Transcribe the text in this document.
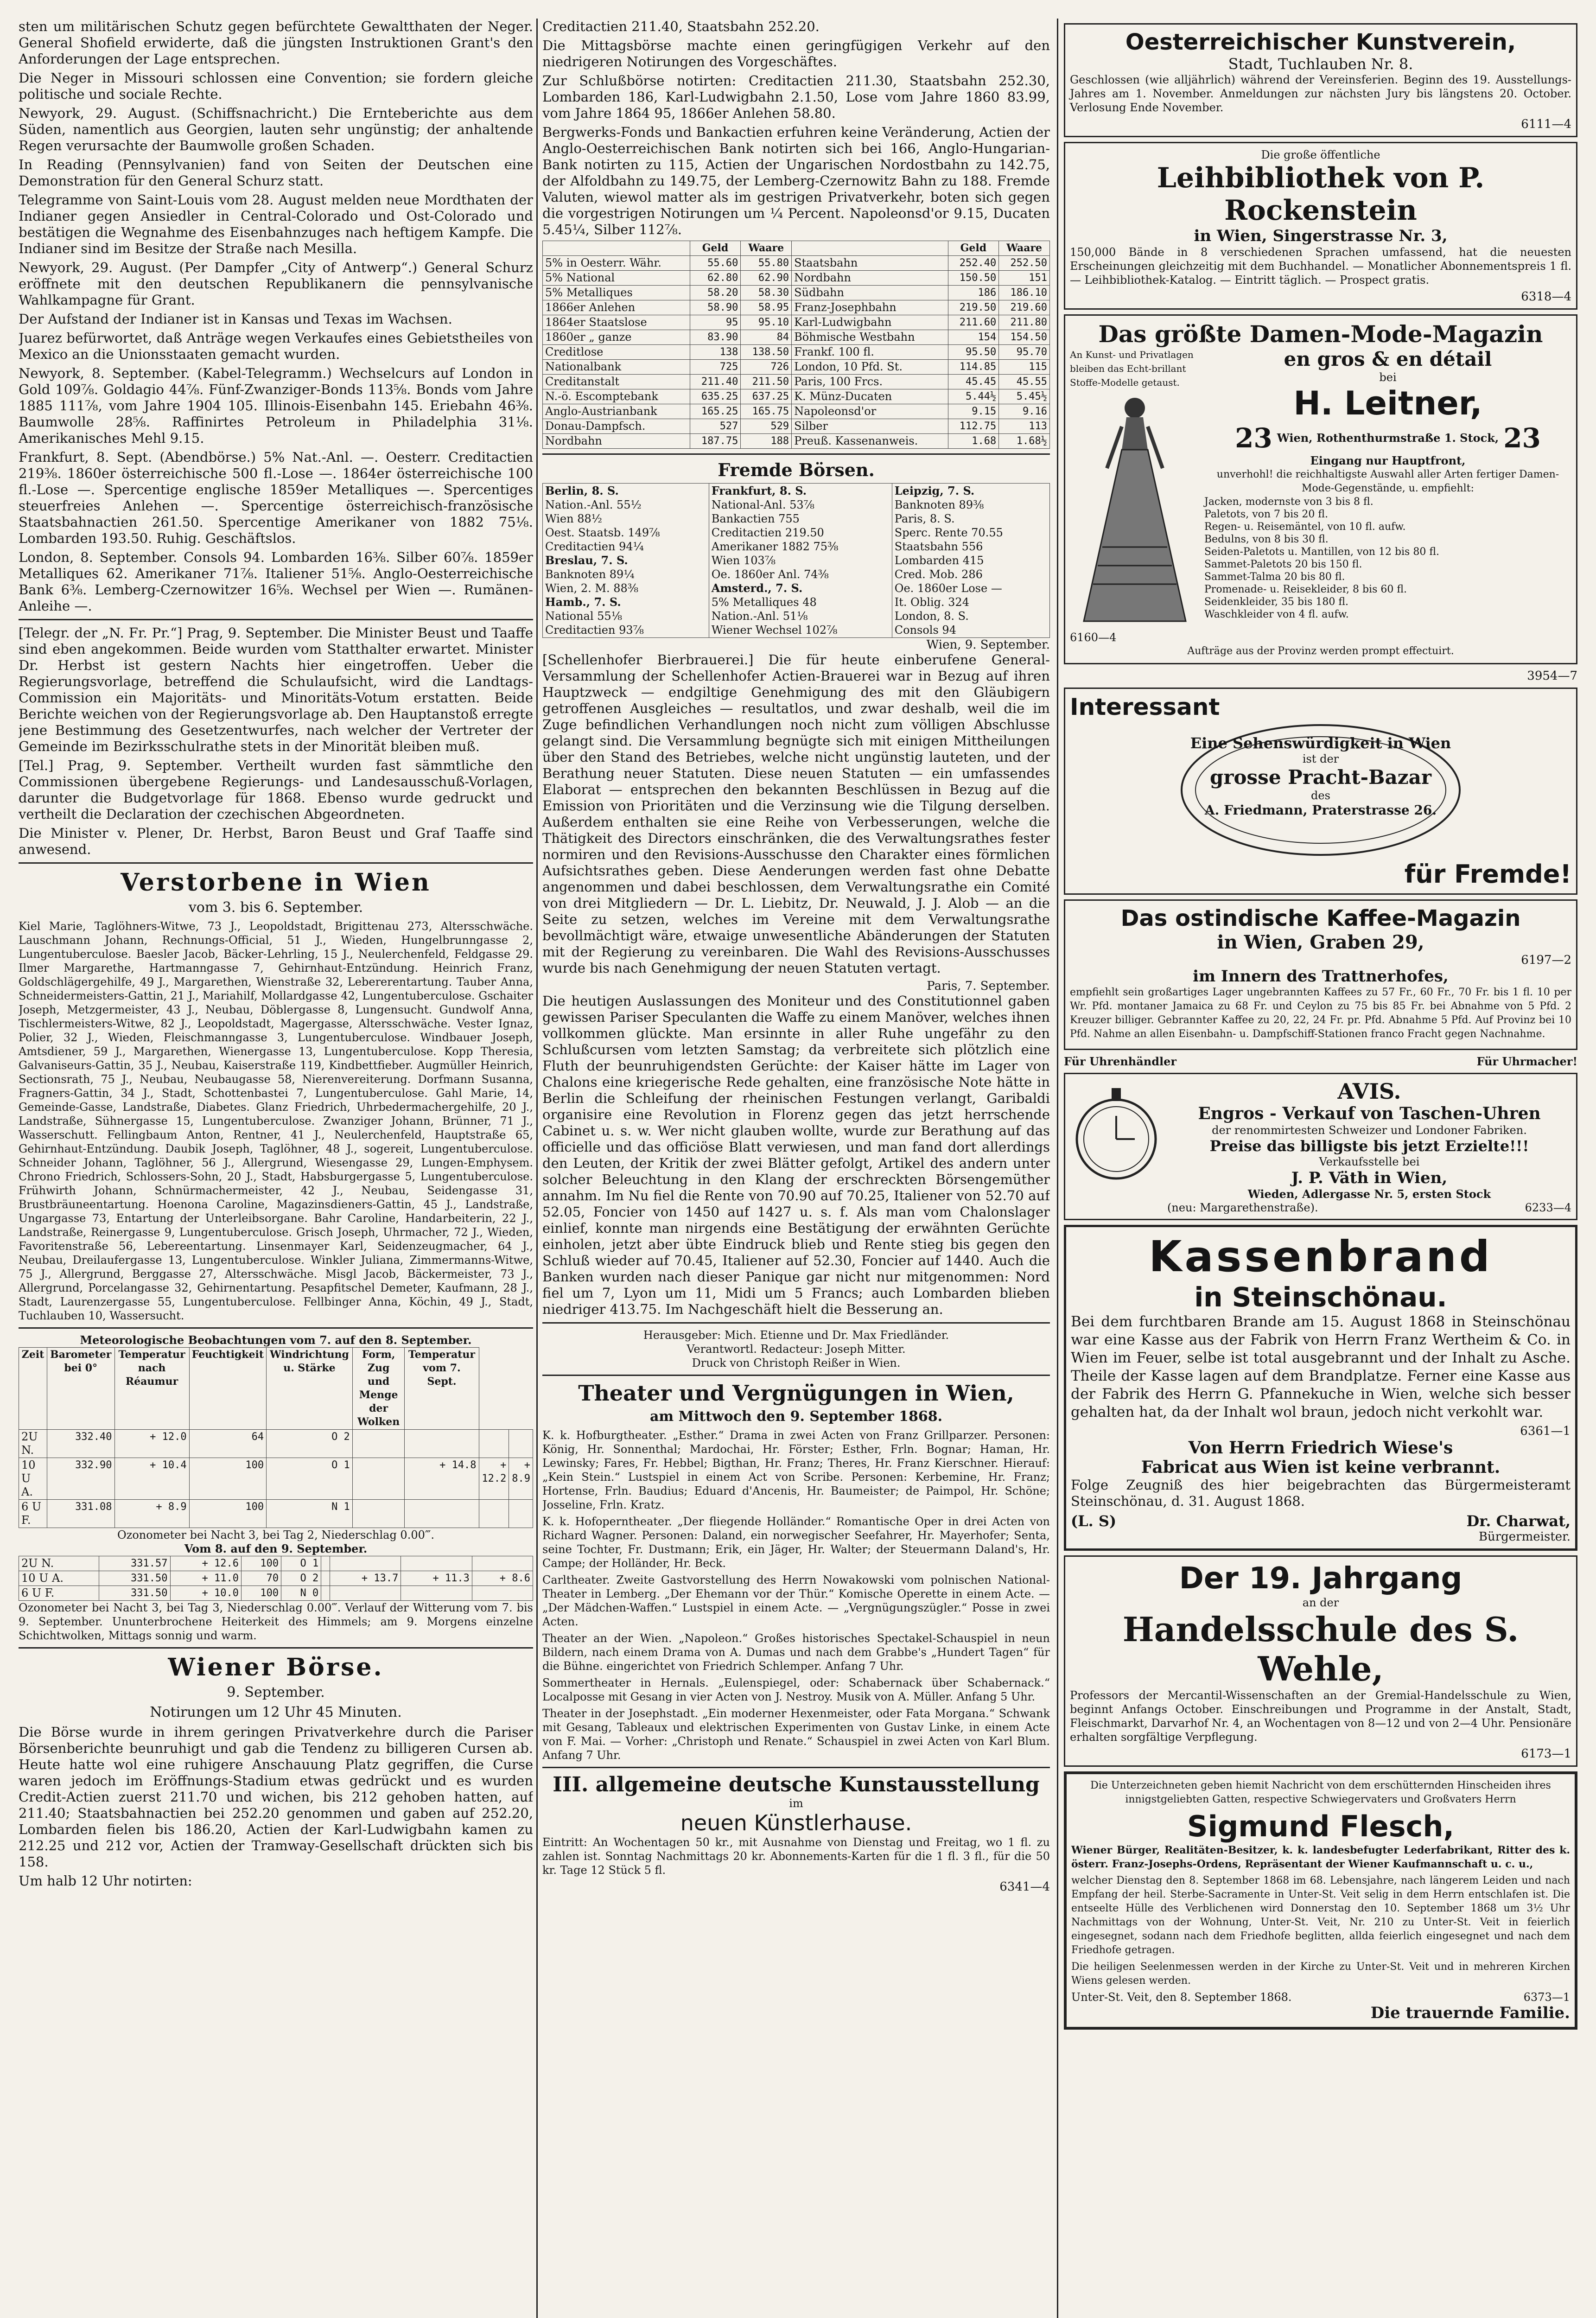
sten um militärischen Schutz gegen befürchtete Gewaltthaten der Neger. General Shofield erwiderte, daß die jüngsten Instruktionen Grant's den Anforderungen der Lage entsprechen.

Die Neger in Missouri schlossen eine Convention; sie fordern gleiche politische und sociale Rechte.

Newyork, 29. August. (Schiffsnachricht.) Die Ernteberichte aus dem Süden, namentlich aus Georgien, lauten sehr ungünstig; der anhaltende Regen verursachte der Baumwolle großen Schaden.

In Reading (Pennsylvanien) fand von Seiten der Deutschen eine Demonstration für den General Schurz statt.

Telegramme von Saint-Louis vom 28. August melden neue Mordthaten der Indianer gegen Ansiedler in Central-Colorado und Ost-Colorado und bestätigen die Wegnahme des Eisenbahnzuges nach heftigem Kampfe. Die Indianer sind im Besitze der Straße nach Mesilla.

Newyork, 29. August. (Per Dampfer „City of Antwerp“.) General Schurz eröffnete mit den deutschen Republikanern die pennsylvanische Wahlkampagne für Grant.

Der Aufstand der Indianer ist in Kansas und Texas im Wachsen.

Juarez befürwortet, daß Anträge wegen Verkaufes eines Gebietstheiles von Mexico an die Unionsstaaten gemacht wurden.

Newyork, 8. September. (Kabel-Telegramm.) Wechselcurs auf London in Gold 109⅞. Goldagio 44⅞. Fünf-Zwanziger-Bonds 113⅝. Bonds vom Jahre 1885 111⅞, vom Jahre 1904 105. Illinois-Eisenbahn 145. Eriebahn 46⅜. Baumwolle 28⅝. Raffinirtes Petroleum in Philadelphia 31⅛. Amerikanisches Mehl 9.15.

Frankfurt, 8. Sept. (Abendbörse.) 5% Nat.-Anl. —. Oesterr. Creditactien 219⅜. 1860er österreichische 500 fl.-Lose —. 1864er österreichische 100 fl.-Lose —. Spercentige englische 1859er Metalliques —. Spercentiges steuerfreies Anlehen —. Spercentige österreichisch-französische Staatsbahnactien 261.50. Spercentige Amerikaner von 1882 75⅛. Lombarden 193.50. Ruhig. Geschäftslos.

London, 8. September. Consols 94. Lombarden 16⅜. Silber 60⅞. 1859er Metalliques 62. Amerikaner 71⅞. Italiener 51⅝. Anglo-Oesterreichische Bank 6⅜. Lemberg-Czernowitzer 16⅝. Wechsel per Wien —. Rumänen-Anleihe —.

[Telegr. der „N. Fr. Pr.“] Prag, 9. September. Die Minister Beust und Taaffe sind eben angekommen. Beide wurden vom Statthalter erwartet. Minister Dr. Herbst ist gestern Nachts hier eingetroffen. Ueber die Regierungsvorlage, betreffend die Schulaufsicht, wird die Landtags-Commission ein Majoritäts- und Minoritäts-Votum erstatten. Beide Berichte weichen von der Regierungsvorlage ab. Den Hauptanstoß erregte jene Bestimmung des Gesetzentwurfes, nach welcher der Vertreter der Gemeinde im Bezirksschulrathe stets in der Minorität bleiben muß.

[Tel.] Prag, 9. September. Vertheilt wurden fast sämmtliche den Commissionen übergebene Regierungs- und Landesausschuß-Vorlagen, darunter die Budgetvorlage für 1868. Ebenso wurde gedruckt und vertheilt die Declaration der czechischen Abgeordneten.

Die Minister v. Plener, Dr. Herbst, Baron Beust und Graf Taaffe sind anwesend.

Verstorbene in Wien
vom 3. bis 6. September.

Kiel Marie, Taglöhners-Witwe, 73 J., Leopoldstadt, Brigittenau 273, Altersschwäche. Lauschmann Johann, Rechnungs-Official, 51 J., Wieden, Hungelbrunngasse 2, Lungentuberculose. Baesler Jacob, Bäcker-Lehrling, 15 J., Neulerchenfeld, Feldgasse 29. Ilmer Margarethe, Hartmanngasse 7, Gehirnhaut-Entzündung. Heinrich Franz, Goldschlägergehilfe, 49 J., Margarethen, Wienstraße 32, Lebererentartung. Tauber Anna, Schneidermeisters-Gattin, 21 J., Mariahilf, Mollardgasse 42, Lungentuberculose. Gschaiter Joseph, Metzgermeister, 43 J., Neubau, Döblergasse 8, Lungensucht. Gundwolf Anna, Tischlermeisters-Witwe, 82 J., Leopoldstadt, Magergasse, Altersschwäche. Vester Ignaz, Polier, 32 J., Wieden, Fleischmanngasse 3, Lungentuberculose. Windbauer Joseph, Amtsdiener, 59 J., Margarethen, Wienergasse 13, Lungentuberculose. Kopp Theresia, Galvaniseurs-Gattin, 35 J., Neubau, Kaiserstraße 119, Kindbettfieber. Augmüller Heinrich, Sectionsrath, 75 J., Neubau, Neubaugasse 58, Nierenvereiterung. Dorfmann Susanna, Fragners-Gattin, 34 J., Stadt, Schottenbastei 7, Lungentuberculose. Gahl Marie, 14, Gemeinde-Gasse, Landstraße, Diabetes. Glanz Friedrich, Uhrbedermachergehilfe, 20 J., Landstraße, Sühnergasse 15, Lungentuberculose. Zwanziger Johann, Brünner, 71 J., Wasserschutt. Fellingbaum Anton, Rentner, 41 J., Neulerchenfeld, Hauptstraße 65, Gehirnhaut-Entzündung. Daubik Joseph, Taglöhner, 48 J., sogereit, Lungentuberculose. Schneider Johann, Taglöhner, 56 J., Allergrund, Wiesengasse 29, Lungen-Emphysem. Chrono Friedrich, Schlossers-Sohn, 20 J., Stadt, Habsburgergasse 5, Lungentuberculose. Frühwirth Johann, Schnürmachermeister, 42 J., Neubau, Seidengasse 31, Brustbräuneentartung. Hoenona Caroline, Magazinsdieners-Gattin, 45 J., Landstraße, Ungargasse 73, Entartung der Unterleibsorgane. Bahr Caroline, Handarbeiterin, 22 J., Landstraße, Reinergasse 9, Lungentuberculose. Grisch Joseph, Uhrmacher, 72 J., Wieden, Favoritenstraße 56, Lebereentartung. Linsenmayer Karl, Seidenzeugmacher, 64 J., Neubau, Dreilaufergasse 13, Lungentuberculose. Winkler Juliana, Zimmermanns-Witwe, 75 J., Allergrund, Berggasse 27, Altersschwäche. Misgl Jacob, Bäckermeister, 73 J., Allergrund, Porcelangasse 32, Gehirnentartung. Pesapfitschel Demeter, Kaufmann, 28 J., Stadt, Laurenzergasse 55, Lungentuberculose. Fellbinger Anna, Köchin, 49 J., Stadt, Tuchlauben 10, Wassersucht.

Meteorologische Beobachtungen vom 7. auf den 8. September.
Zeit	Barometer bei 0°	Temperatur nach Réaumur	Feuchtigkeit	Windrichtung u. Stärke	Form, Zug und Menge der Wolken	Temperatur vom 7. Sept.		
2U N.	332.40	+ 12.0	64	O 2				
10 U A.	332.90	+ 10.4	100	O 1		+ 14.8	+ 12.2	+ 8.9
6 U F.	331.08	+ 8.9	100	N 1				
Ozonometer bei Nacht 3, bei Tag 2, Niederschlag 0.00‴.
Vom 8. auf den 9. September.
2U N.	331.57	+ 12.6	100	O 1				
10 U A.	331.50	+ 11.0	70	O 2		+ 13.7	+ 11.3	+ 8.6
6 U F.	331.50	+ 10.0	100	N 0				

Ozonometer bei Nacht 3, bei Tag 3, Niederschlag 0.00‴. Verlauf der Witterung vom 7. bis 9. September. Ununterbrochene Heiterkeit des Himmels; am 9. Morgens einzelne Schichtwolken, Mittags sonnig und warm.

Wiener Börse.
9. September.
Notirungen um 12 Uhr 45 Minuten.

Die Börse wurde in ihrem geringen Privatverkehre durch die Pariser Börsenberichte beunruhigt und gab die Tendenz zu billigeren Cursen ab. Heute hatte wol eine ruhigere Anschauung Platz gegriffen, die Curse waren jedoch im Eröffnungs-Stadium etwas gedrückt und es wurden Credit-Actien zuerst 211.70 und wichen, bis 212 gehoben hatten, auf 211.40; Staatsbahnactien bei 252.20 genommen und gaben auf 252.20, Lombarden fielen bis 186.20, Actien der Karl-Ludwigbahn kamen zu 212.25 und 212 vor, Actien der Tramway-Gesellschaft drückten sich bis 158.

Um halb 12 Uhr notirten:

Creditactien 211.40, Staatsbahn 252.20.

Die Mittagsbörse machte einen geringfügigen Verkehr auf den niedrigeren Notirungen des Vorgeschäftes.

Zur Schlußbörse notirten: Creditactien 211.30, Staatsbahn 252.30, Lombarden 186, Karl-Ludwigbahn 2.1.50, Lose vom Jahre 1860 83.99, vom Jahre 1864 95, 1866er Anlehen 58.80.

Bergwerks-Fonds und Bankactien erfuhren keine Veränderung, Actien der Anglo-Oesterreichischen Bank notirten sich bei 166, Anglo-Hungarian-Bank notirten zu 115, Actien der Ungarischen Nordostbahn zu 142.75, der Alfoldbahn zu 149.75, der Lemberg-Czernowitz Bahn zu 188. Fremde Valuten, wiewol matter als im gestrigen Privatverkehr, boten sich gegen die vorgestrigen Notirungen um ¼ Percent. Napoleonsd'or 9.15, Ducaten 5.45¼, Silber 112⅞.

	Geld	Waare		Geld	Waare
5% in Oesterr. Währ.	55.60	55.80	Staatsbahn	252.40	252.50
5% National	62.80	62.90	Nordbahn	150.50	151
5% Metalliques	58.20	58.30	Südbahn	186	186.10
1866er Anlehen	58.90	58.95	Franz-Josephbahn	219.50	219.60
1864er Staatslose	95	95.10	Karl-Ludwigbahn	211.60	211.80
1860er „ ganze	83.90	84	Böhmische Westbahn	154	154.50
Creditlose	138	138.50	Frankf. 100 fl.	95.50	95.70
Nationalbank	725	726	London, 10 Pfd. St.	114.85	115
Creditanstalt	211.40	211.50	Paris, 100 Frcs.	45.45	45.55
N.-ö. Escomptebank	635.25	637.25	K. Münz-Ducaten	5.44½	5.45½
Anglo-Austrianbank	165.25	165.75	Napoleonsd'or	9.15	9.16
Donau-Dampfsch.	527	529	Silber	112.75	113
Nordbahn	187.75	188	Preuß. Kassenanweis.	1.68	1.68½
Fremde Börsen.
Berlin, 8. S.
Nation.-Anl. 55½
Wien 88½
Oest. Staatsb. 149⅞
Creditactien 94¼
Breslau, 7. S.
Banknoten 89¼
Wien, 2. M. 88⅜
Hamb., 7. S.
National 55⅛
Creditactien 93⅞

Frankfurt, 8. S.
National-Anl. 53⅞
Bankactien 755
Creditactien 219.50
Amerikaner 1882 75⅜
Wien 103⅞
Oe. 1860er Anl. 74⅜
Amsterd., 7. S.
5% Metalliques 48
Nation.-Anl. 51⅛
Wiener Wechsel 102⅞

Leipzig, 7. S.
Banknoten 89⅜
Paris, 8. S.
Sperc. Rente 70.55
Staatsbahn 556
Lombarden 415
Cred. Mob. 286
Oe. 1860er Lose —
It. Oblig. 324
London, 8. S.
Consols 94
Wien, 9. September.

[Schellenhofer Bierbrauerei.] Die für heute einberufene General-Versammlung der Schellenhofer Actien-Brauerei war in Bezug auf ihren Hauptzweck — endgiltige Genehmigung des mit den Gläubigern getroffenen Ausgleiches — resultatlos, und zwar deshalb, weil die im Zuge befindlichen Verhandlungen noch nicht zum völligen Abschlusse gelangt sind. Die Versammlung begnügte sich mit einigen Mittheilungen über den Stand des Betriebes, welche nicht ungünstig lauteten, und der Berathung neuer Statuten. Diese neuen Statuten — ein umfassendes Elaborat — entsprechen den bekannten Beschlüssen in Bezug auf die Emission von Prioritäten und die Verzinsung wie die Tilgung derselben. Außerdem enthalten sie eine Reihe von Verbesserungen, welche die Thätigkeit des Directors einschränken, die des Verwaltungsrathes fester normiren und den Revisions-Ausschusse den Charakter eines förmlichen Aufsichtsrathes geben. Diese Aenderungen werden fast ohne Debatte angenommen und dabei beschlossen, dem Verwaltungsrathe ein Comité von drei Mitgliedern — Dr. L. Liebitz, Dr. Neuwald, J. J. Alob — an die Seite zu setzen, welches im Vereine mit dem Verwaltungsrathe bevollmächtigt wäre, etwaige unwesentliche Abänderungen der Statuten mit der Regierung zu vereinbaren. Die Wahl des Revisions-Ausschusses wurde bis nach Genehmigung der neuen Statuten vertagt.

Paris, 7. September.

Die heutigen Auslassungen des Moniteur und des Constitutionnel gaben gewissen Pariser Speculanten die Waffe zu einem Manöver, welches ihnen vollkommen glückte. Man ersinnte in aller Ruhe ungefähr zu den Schlußcursen vom letzten Samstag; da verbreitete sich plötzlich eine Fluth der beunruhigendsten Gerüchte: der Kaiser hätte im Lager von Chalons eine kriegerische Rede gehalten, eine französische Note hätte in Berlin die Schleifung der rheinischen Festungen verlangt, Garibaldi organisire eine Revolution in Florenz gegen das jetzt herrschende Cabinet u. s. w. Wer nicht glauben wollte, wurde zur Berathung auf das officielle und das officiöse Blatt verwiesen, und man fand dort allerdings den Leuten, der Kritik der zwei Blätter gefolgt, Artikel des andern unter solcher Beleuchtung in den Klang der erschreckten Börsengemüther annahm. Im Nu fiel die Rente von 70.90 auf 70.25, Italiener von 52.70 auf 52.05, Foncier von 1450 auf 1427 u. s. f. Als man vom Chalonslager einlief, konnte man nirgends eine Bestätigung der erwähnten Gerüchte einholen, jetzt aber übte Eindruck blieb und Rente stieg bis gegen den Schluß wieder auf 70.45, Italiener auf 52.30, Foncier auf 1440. Auch die Banken wurden nach dieser Panique gar nicht nur mitgenommen: Nord fiel um 7, Lyon um 11, Midi um 5 Francs; auch Lombarden blieben niedriger 413.75. Im Nachgeschäft hielt die Besserung an.

Herausgeber: Mich. Etienne und Dr. Max Friedländer.
Verantwortl. Redacteur: Joseph Mitter.
Druck von Christoph Reißer in Wien.
Theater und Vergnügungen in Wien,
am Mittwoch den 9. September 1868.

K. k. Hofburgtheater. „Esther.“ Drama in zwei Acten von Franz Grillparzer. Personen: König, Hr. Sonnenthal; Mardochai, Hr. Förster; Esther, Frln. Bognar; Haman, Hr. Lewinsky; Fares, Fr. Hebbel; Bigthan, Hr. Franz; Theres, Hr. Franz Kierschner. Hierauf: „Kein Stein.“ Lustspiel in einem Act von Scribe. Personen: Kerbemine, Hr. Franz; Hortense, Frln. Baudius; Eduard d'Ancenis, Hr. Baumeister; de Paimpol, Hr. Schöne; Josseline, Frln. Kratz.

K. k. Hofoperntheater. „Der fliegende Holländer.“ Romantische Oper in drei Acten von Richard Wagner. Personen: Daland, ein norwegischer Seefahrer, Hr. Mayerhofer; Senta, seine Tochter, Fr. Dustmann; Erik, ein Jäger, Hr. Walter; der Steuermann Daland's, Hr. Campe; der Holländer, Hr. Beck.

Carltheater. Zweite Gastvorstellung des Herrn Nowakowski vom polnischen National-Theater in Lemberg. „Der Ehemann vor der Thür.“ Komische Operette in einem Acte. — „Der Mädchen-Waffen.“ Lustspiel in einem Acte. — „Vergnügungszügler.“ Posse in zwei Acten.

Theater an der Wien. „Napoleon.“ Großes historisches Spectakel-Schauspiel in neun Bildern, nach einem Drama von A. Dumas und nach dem Grabbe's „Hundert Tagen“ für die Bühne. eingerichtet von Friedrich Schlemper. Anfang 7 Uhr.

Sommertheater in Hernals. „Eulenspiegel, oder: Schabernack über Schabernack.“ Localposse mit Gesang in vier Acten von J. Nestroy. Musik von A. Müller. Anfang 5 Uhr.

Theater in der Josephstadt. „Ein moderner Hexenmeister, oder Fata Morgana.“ Schwank mit Gesang, Tableaux und elektrischen Experimenten von Gustav Linke, in einem Acte von F. Mai. — Vorher: „Christoph und Renate.“ Schauspiel in zwei Acten von Karl Blum. Anfang 7 Uhr.

III. allgemeine deutsche Kunstausstellung
im
neuen Künstlerhause.

Eintritt: An Wochentagen 50 kr., mit Ausnahme von Dienstag und Freitag, wo 1 fl. zu zahlen ist. Sonntag Nachmittags 20 kr. Abonnements-Karten für die 1 fl. 3 fl., für die 50 kr. Tage 12 Stück 5 fl.

6341—4
Oesterreichischer Kunstverein,
Stadt, Tuchlauben Nr. 8.

Geschlossen (wie alljährlich) während der Vereinsferien. Beginn des 19. Ausstellungs-Jahres am 1. November. Anmeldungen zur nächsten Jury bis längstens 20. October. Verlosung Ende November.

6111—4
Die große öffentliche
Leihbibliothek von P. Rockenstein
in Wien, Singerstrasse Nr. 3,

150,000 Bände in 8 verschiedenen Sprachen umfassend, hat die neuesten Erscheinungen gleichzeitig mit dem Buchhandel. — Monatlicher Abonnementspreis 1 fl. — Leihbibliothek-Katalog. — Eintritt täglich. — Prospect gratis.

6318—4
Das größte Damen-Mode-Magazin
An Kunst- und Privatlagen bleiben das Echt-brillant Stoffe-Modelle getaust.
6160—4
en gros & en détail
bei
H. Leitner,
23 Wien, Rothenthurmstraße 1. Stock, 23
Eingang nur Hauptfront,
unverhohl! die reichhaltigste Auswahl aller Arten fertiger Damen-Mode-Gegenstände, u. empfiehlt:
Jacken, modernste von 3 bis 8 fl.
Paletots, von 7 bis 20 fl.
Regen- u. Reisemäntel, von 10 fl. aufw.
Bedulns, von 8 bis 30 fl.
Seiden-Paletots u. Mantillen, von 12 bis 80 fl.
Sammet-Paletots 20 bis 150 fl.
Sammet-Talma 20 bis 80 fl.
Promenade- u. Reisekleider, 8 bis 60 fl.
Seidenkleider, 35 bis 180 fl.
Waschkleider von 4 fl. aufw.
Aufträge aus der Provinz werden prompt effectuirt.
3954—7
Interessant
Eine Sehenswürdigkeit in Wien
ist der
grosse Pracht-Bazar
des
A. Friedmann, Praterstrasse 26.
für Fremde!
Das ostindische Kaffee-Magazin
in Wien, Graben 29,
6197—2
im Innern des Trattnerhofes,

empfiehlt sein großartiges Lager ungebrannten Kaffees zu 57 Fr., 60 Fr., 70 Fr. bis 1 fl. 10 per Wr. Pfd. montaner Jamaica zu 68 Fr. und Ceylon zu 75 bis 85 Fr. bei Abnahme von 5 Pfd. 2 Kreuzer billiger. Gebrannter Kaffee zu 20, 22, 24 Fr. pr. Pfd. Abnahme 5 Pfd. Auf Provinz bei 10 Pfd. Nahme an allen Eisenbahn- u. Dampfschiff-Stationen franco Fracht gegen Nachnahme.

Für Uhrenhändler	Für Uhrmacher!
AVIS.
Engros - Verkauf von Taschen-Uhren
der renommirtesten Schweizer und Londoner Fabriken.
Preise das billigste bis jetzt Erzielte!!!
Verkaufsstelle bei
J. P. Väth in Wien,
Wieden, Adlergasse Nr. 5, ersten Stock
(neu: Margarethenstraße).	6233—4
Kassenbrand
in Steinschönau.

Bei dem furchtbaren Brande am 15. August 1868 in Steinschönau war eine Kasse aus der Fabrik von Herrn Franz Wertheim & Co. in Wien im Feuer, selbe ist total ausgebrannt und der Inhalt zu Asche. Theile der Kasse lagen auf dem Brandplatze. Ferner eine Kasse aus der Fabrik des Herrn G. Pfannekuche in Wien, welche sich besser gehalten hat, da der Inhalt wol braun, jedoch nicht verkohlt war.

6361—1
Von Herrn Friedrich Wiese's
Fabricat aus Wien ist keine verbrannt.

Folge Zeugniß des hier beigebrachten das Bürgermeisteramt Steinschönau, d. 31. August 1868.

(L. S)	Dr. Charwat,
Bürgermeister.
Der 19. Jahrgang
an der
Handelsschule des S. Wehle,

Professors der Mercantil-Wissenschaften an der Gremial-Handelsschule zu Wien, beginnt Anfangs October. Einschreibungen und Programme in der Anstalt, Stadt, Fleischmarkt, Darvarhof Nr. 4, an Wochentagen von 8—12 und von 2—4 Uhr. Pensionäre erhalten sorgfältige Verpflegung.

6173—1

Die Unterzeichneten geben hiemit Nachricht von dem erschütternden Hinscheiden ihres innigstgeliebten Gatten, respective Schwiegervaters und Großvaters Herrn

Sigmund Flesch,

Wiener Bürger, Realitäten-Besitzer, k. k. landesbefugter Lederfabrikant, Ritter des k. österr. Franz-Josephs-Ordens, Repräsentant der Wiener Kaufmannschaft u. c. u.,

welcher Dienstag den 8. September 1868 im 68. Lebensjahre, nach längerem Leiden und nach Empfang der heil. Sterbe-Sacramente in Unter-St. Veit selig in dem Herrn entschlafen ist. Die entseelte Hülle des Verblichenen wird Donnerstag den 10. September 1868 um 3½ Uhr Nachmittags von der Wohnung, Unter-St. Veit, Nr. 210 zu Unter-St. Veit in feierlich eingesegnet, sodann nach dem Friedhofe beglitten, allda feierlich eingesegnet und nach dem Friedhofe getragen.

Die heiligen Seelenmessen werden in der Kirche zu Unter-St. Veit und in mehreren Kirchen Wiens gelesen werden.

Unter-St. Veit, den 8. September 1868.	6373—1
Die trauernde Familie.
